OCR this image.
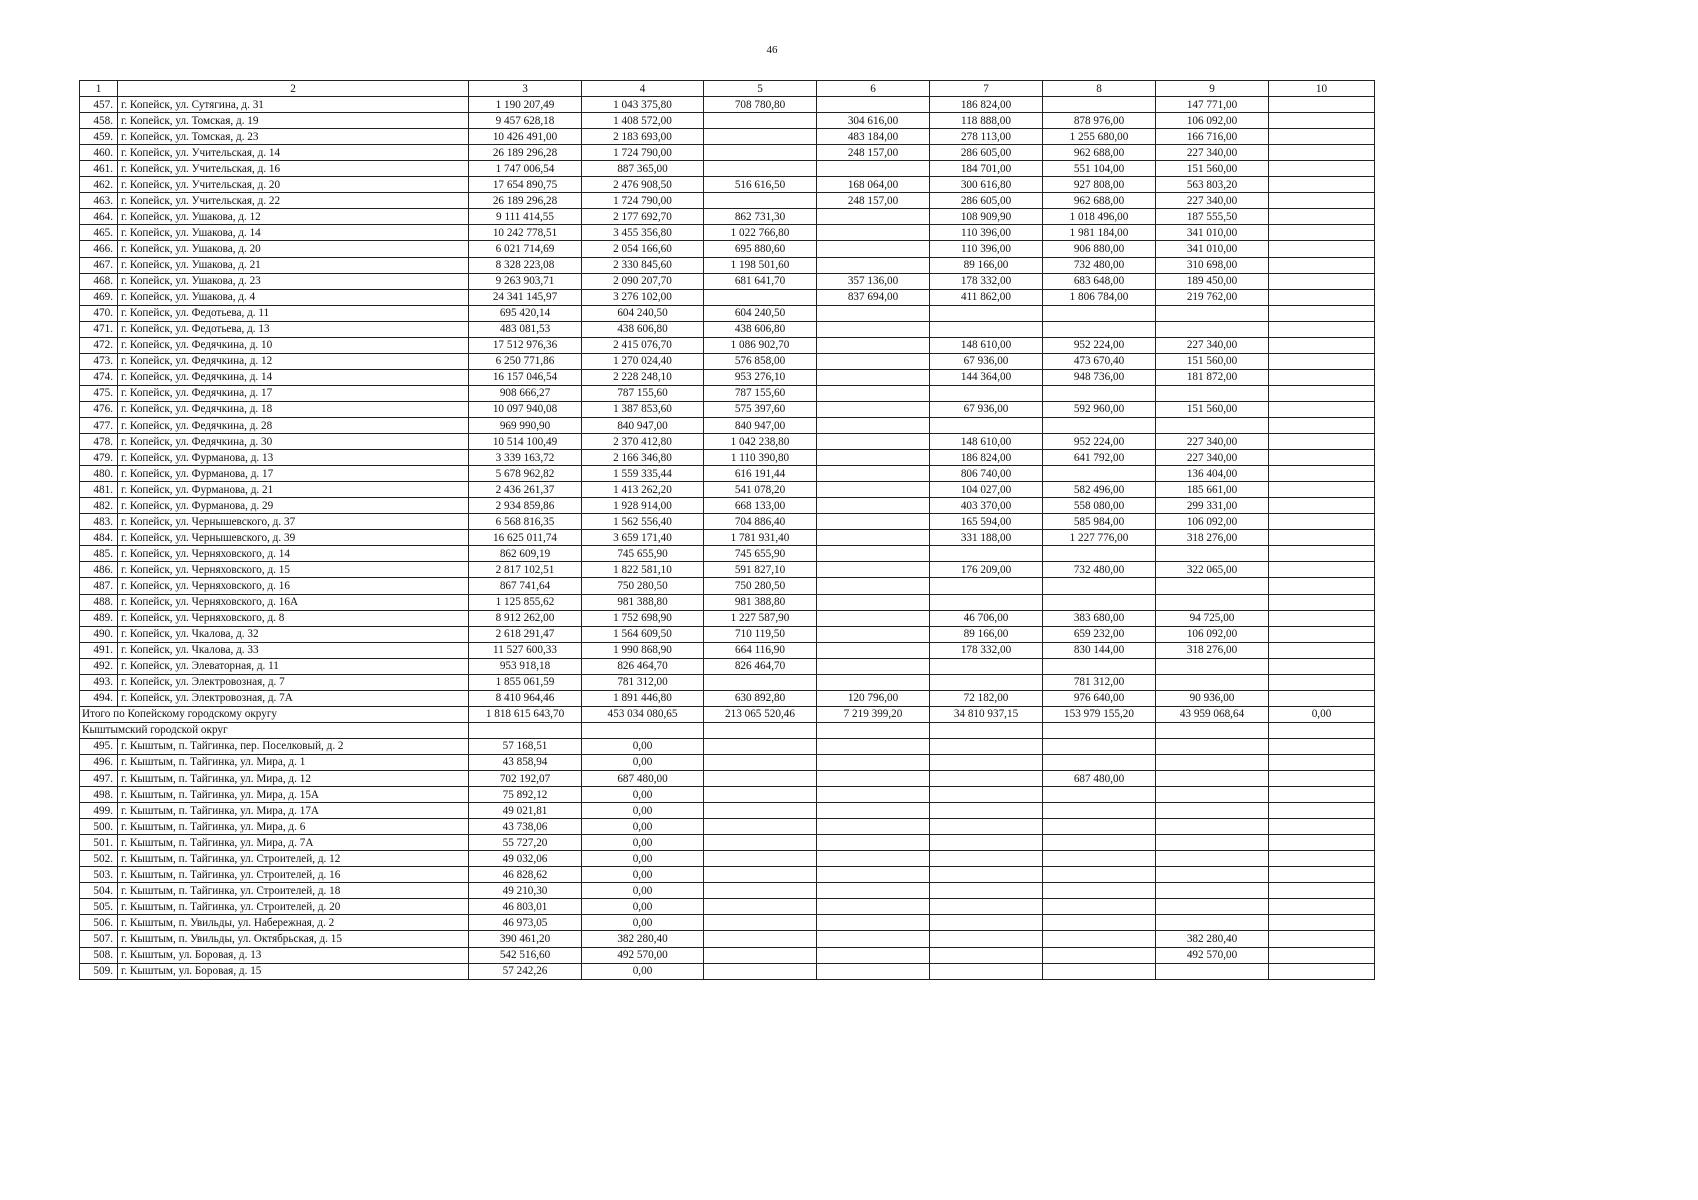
46
1	2	3	4	5	6	7	8	9	10
457.	г. Копейск, ул. Сутягина, д. 31	1 190 207,49	1 043 375,80	708 780,80		186 824,00		147 771,00	
458.	г. Копейск, ул. Томская, д. 19	9 457 628,18	1 408 572,00		304 616,00	118 888,00	878 976,00	106 092,00	
459.	г. Копейск, ул. Томская, д. 23	10 426 491,00	2 183 693,00		483 184,00	278 113,00	1 255 680,00	166 716,00	
460.	г. Копейск, ул. Учительская, д. 14	26 189 296,28	1 724 790,00		248 157,00	286 605,00	962 688,00	227 340,00	
461.	г. Копейск, ул. Учительская, д. 16	1 747 006,54	887 365,00			184 701,00	551 104,00	151 560,00	
462.	г. Копейск, ул. Учительская, д. 20	17 654 890,75	2 476 908,50	516 616,50	168 064,00	300 616,80	927 808,00	563 803,20	
463.	г. Копейск, ул. Учительская, д. 22	26 189 296,28	1 724 790,00		248 157,00	286 605,00	962 688,00	227 340,00	
464.	г. Копейск, ул. Ушакова, д. 12	9 111 414,55	2 177 692,70	862 731,30		108 909,90	1 018 496,00	187 555,50	
465.	г. Копейск, ул. Ушакова, д. 14	10 242 778,51	3 455 356,80	1 022 766,80		110 396,00	1 981 184,00	341 010,00	
466.	г. Копейск, ул. Ушакова, д. 20	6 021 714,69	2 054 166,60	695 880,60		110 396,00	906 880,00	341 010,00	
467.	г. Копейск, ул. Ушакова, д. 21	8 328 223,08	2 330 845,60	1 198 501,60		89 166,00	732 480,00	310 698,00	
468.	г. Копейск, ул. Ушакова, д. 23	9 263 903,71	2 090 207,70	681 641,70	357 136,00	178 332,00	683 648,00	189 450,00	
469.	г. Копейск, ул. Ушакова, д. 4	24 341 145,97	3 276 102,00		837 694,00	411 862,00	1 806 784,00	219 762,00	
470.	г. Копейск, ул. Федотьева, д. 11	695 420,14	604 240,50	604 240,50					
471.	г. Копейск, ул. Федотьева, д. 13	483 081,53	438 606,80	438 606,80					
472.	г. Копейск, ул. Федячкина, д. 10	17 512 976,36	2 415 076,70	1 086 902,70		148 610,00	952 224,00	227 340,00	
473.	г. Копейск, ул. Федячкина, д. 12	6 250 771,86	1 270 024,40	576 858,00		67 936,00	473 670,40	151 560,00	
474.	г. Копейск, ул. Федячкина, д. 14	16 157 046,54	2 228 248,10	953 276,10		144 364,00	948 736,00	181 872,00	
475.	г. Копейск, ул. Федячкина, д. 17	908 666,27	787 155,60	787 155,60					
476.	г. Копейск, ул. Федячкина, д. 18	10 097 940,08	1 387 853,60	575 397,60		67 936,00	592 960,00	151 560,00	
477.	г. Копейск, ул. Федячкина, д. 28	969 990,90	840 947,00	840 947,00					
478.	г. Копейск, ул. Федячкина, д. 30	10 514 100,49	2 370 412,80	1 042 238,80		148 610,00	952 224,00	227 340,00	
479.	г. Копейск, ул. Фурманова, д. 13	3 339 163,72	2 166 346,80	1 110 390,80		186 824,00	641 792,00	227 340,00	
480.	г. Копейск, ул. Фурманова, д. 17	5 678 962,82	1 559 335,44	616 191,44		806 740,00		136 404,00	
481.	г. Копейск, ул. Фурманова, д. 21	2 436 261,37	1 413 262,20	541 078,20		104 027,00	582 496,00	185 661,00	
482.	г. Копейск, ул. Фурманова, д. 29	2 934 859,86	1 928 914,00	668 133,00		403 370,00	558 080,00	299 331,00	
483.	г. Копейск, ул. Чернышевского, д. 37	6 568 816,35	1 562 556,40	704 886,40		165 594,00	585 984,00	106 092,00	
484.	г. Копейск, ул. Чернышевского, д. 39	16 625 011,74	3 659 171,40	1 781 931,40		331 188,00	1 227 776,00	318 276,00	
485.	г. Копейск, ул. Черняховского, д. 14	862 609,19	745 655,90	745 655,90					
486.	г. Копейск, ул. Черняховского, д. 15	2 817 102,51	1 822 581,10	591 827,10		176 209,00	732 480,00	322 065,00	
487.	г. Копейск, ул. Черняховского, д. 16	867 741,64	750 280,50	750 280,50					
488.	г. Копейск, ул. Черняховского, д. 16А	1 125 855,62	981 388,80	981 388,80					
489.	г. Копейск, ул. Черняховского, д. 8	8 912 262,00	1 752 698,90	1 227 587,90		46 706,00	383 680,00	94 725,00	
490.	г. Копейск, ул. Чкалова, д. 32	2 618 291,47	1 564 609,50	710 119,50		89 166,00	659 232,00	106 092,00	
491.	г. Копейск, ул. Чкалова, д. 33	11 527 600,33	1 990 868,90	664 116,90		178 332,00	830 144,00	318 276,00	
492.	г. Копейск, ул. Элеваторная, д. 11	953 918,18	826 464,70	826 464,70					
493.	г. Копейск, ул. Электровозная, д. 7	1 855 061,59	781 312,00				781 312,00		
494.	г. Копейск, ул. Электровозная, д. 7А	8 410 964,46	1 891 446,80	630 892,80	120 796,00	72 182,00	976 640,00	90 936,00	
Итого по Копейскому городскому округу		1 818 615 643,70	453 034 080,65	213 065 520,46	7 219 399,20	34 810 937,15	153 979 155,20	43 959 068,64	0,00
Кыштымский городской округ									
495.	г. Кыштым, п. Тайгинка, пер. Поселковый, д. 2	57 168,51	0,00						
496.	г. Кыштым, п. Тайгинка, ул. Мира, д. 1	43 858,94	0,00						
497.	г. Кыштым, п. Тайгинка, ул. Мира, д. 12	702 192,07	687 480,00				687 480,00		
498.	г. Кыштым, п. Тайгинка, ул. Мира, д. 15А	75 892,12	0,00						
499.	г. Кыштым, п. Тайгинка, ул. Мира, д. 17А	49 021,81	0,00						
500.	г. Кыштым, п. Тайгинка, ул. Мира, д. 6	43 738,06	0,00						
501.	г. Кыштым, п. Тайгинка, ул. Мира, д. 7А	55 727,20	0,00						
502.	г. Кыштым, п. Тайгинка, ул. Строителей, д. 12	49 032,06	0,00						
503.	г. Кыштым, п. Тайгинка, ул. Строителей, д. 16	46 828,62	0,00						
504.	г. Кыштым, п. Тайгинка, ул. Строителей, д. 18	49 210,30	0,00						
505.	г. Кыштым, п. Тайгинка, ул. Строителей, д. 20	46 803,01	0,00						
506.	г. Кыштым, п. Увильды, ул. Набережная, д. 2	46 973,05	0,00						
507.	г. Кыштым, п. Увильды, ул. Октябрьская, д. 15	390 461,20	382 280,40					382 280,40	
508.	г. Кыштым, ул. Боровая, д. 13	542 516,60	492 570,00					492 570,00	
509.	г. Кыштым, ул. Боровая, д. 15	57 242,26	0,00						
